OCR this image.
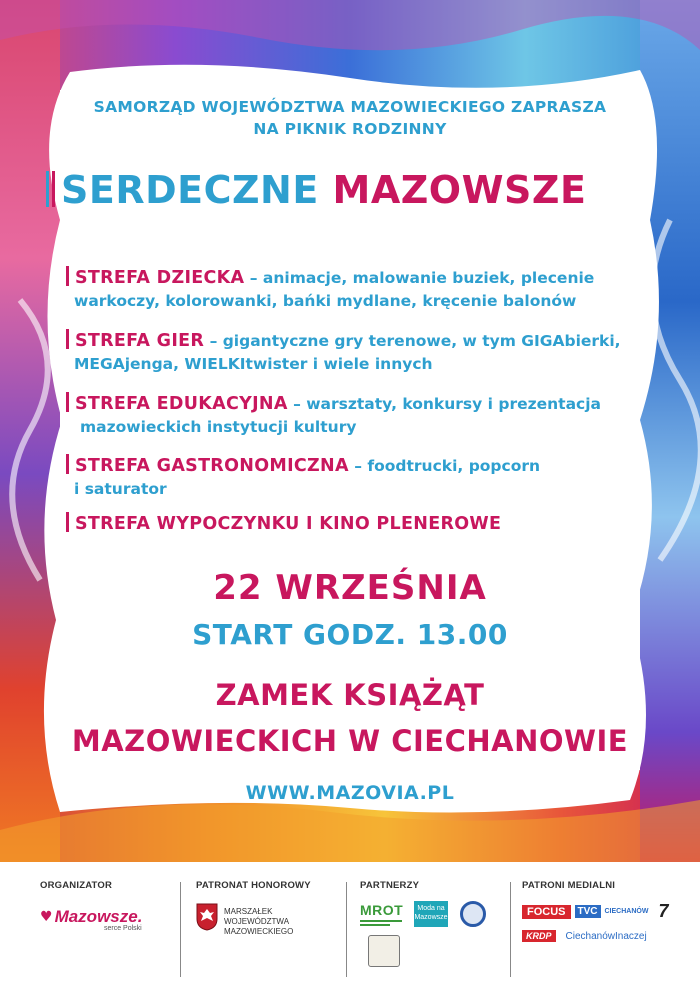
SAMORZĄD WOJEWÓDZTWA MAZOWIECKIEGO ZAPRASZA
NA PIKNIK RODZINNY
SERDECZNE MAZOWSZE
STREFA DZIECKA – animacje, malowanie buziek, plecenie
warkoczy, kolorowanki, bańki mydlane, kręcenie balonów
STREFA GIER – gigantyczne gry terenowe, w tym GIGAbierki,
MEGAjenga, WIELKItwister i wiele innych
STREFA EDUKACYJNA – warsztaty, konkursy i prezentacja
mazowieckich instytucji kultury
STREFA GASTRONOMICZNA – foodtrucki, popcorn
i saturator
STREFA WYPOCZYNKU I KINO PLENEROWE
22 WRZEŚNIA
START GODZ. 13.00
ZAMEK KSIĄŻĄT
MAZOWIECKICH W CIECHANOWIE
WWW.MAZOVIA.PL
ORGANIZATOR
♥ Mazowsze.
serce Polski
PATRONAT HONOROWY
MARSZAŁEK
WOJEWÓDZTWA
MAZOWIECKIEGO
PARTNERZY
MROT	Moda na Mazowsze
PATRONI MEDIALNI
FOCUS	TVC	CIECHANÓW 7
KRDP	CiechanówInaczej
